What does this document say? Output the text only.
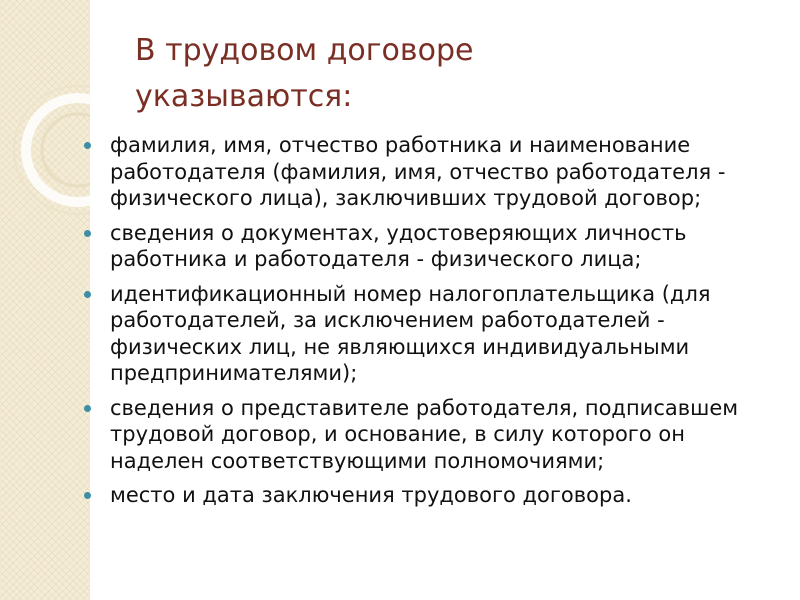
В трудовом договоре указываются:
фамилия, имя, отчество работника и наименование работодателя (фамилия, имя, отчество работодателя - физического лица), заключивших трудовой договор;
сведения о документах, удостоверяющих личность работника и работодателя - физического лица;
идентификационный номер налогоплательщика (для работодателей, за исключением работодателей - физических лиц, не являющихся индивидуальными предпринимателями);
сведения о представителе работодателя, подписавшем трудовой договор, и основание, в силу которого он наделен соответствующими полномочиями;
место и дата заключения трудового договора.
